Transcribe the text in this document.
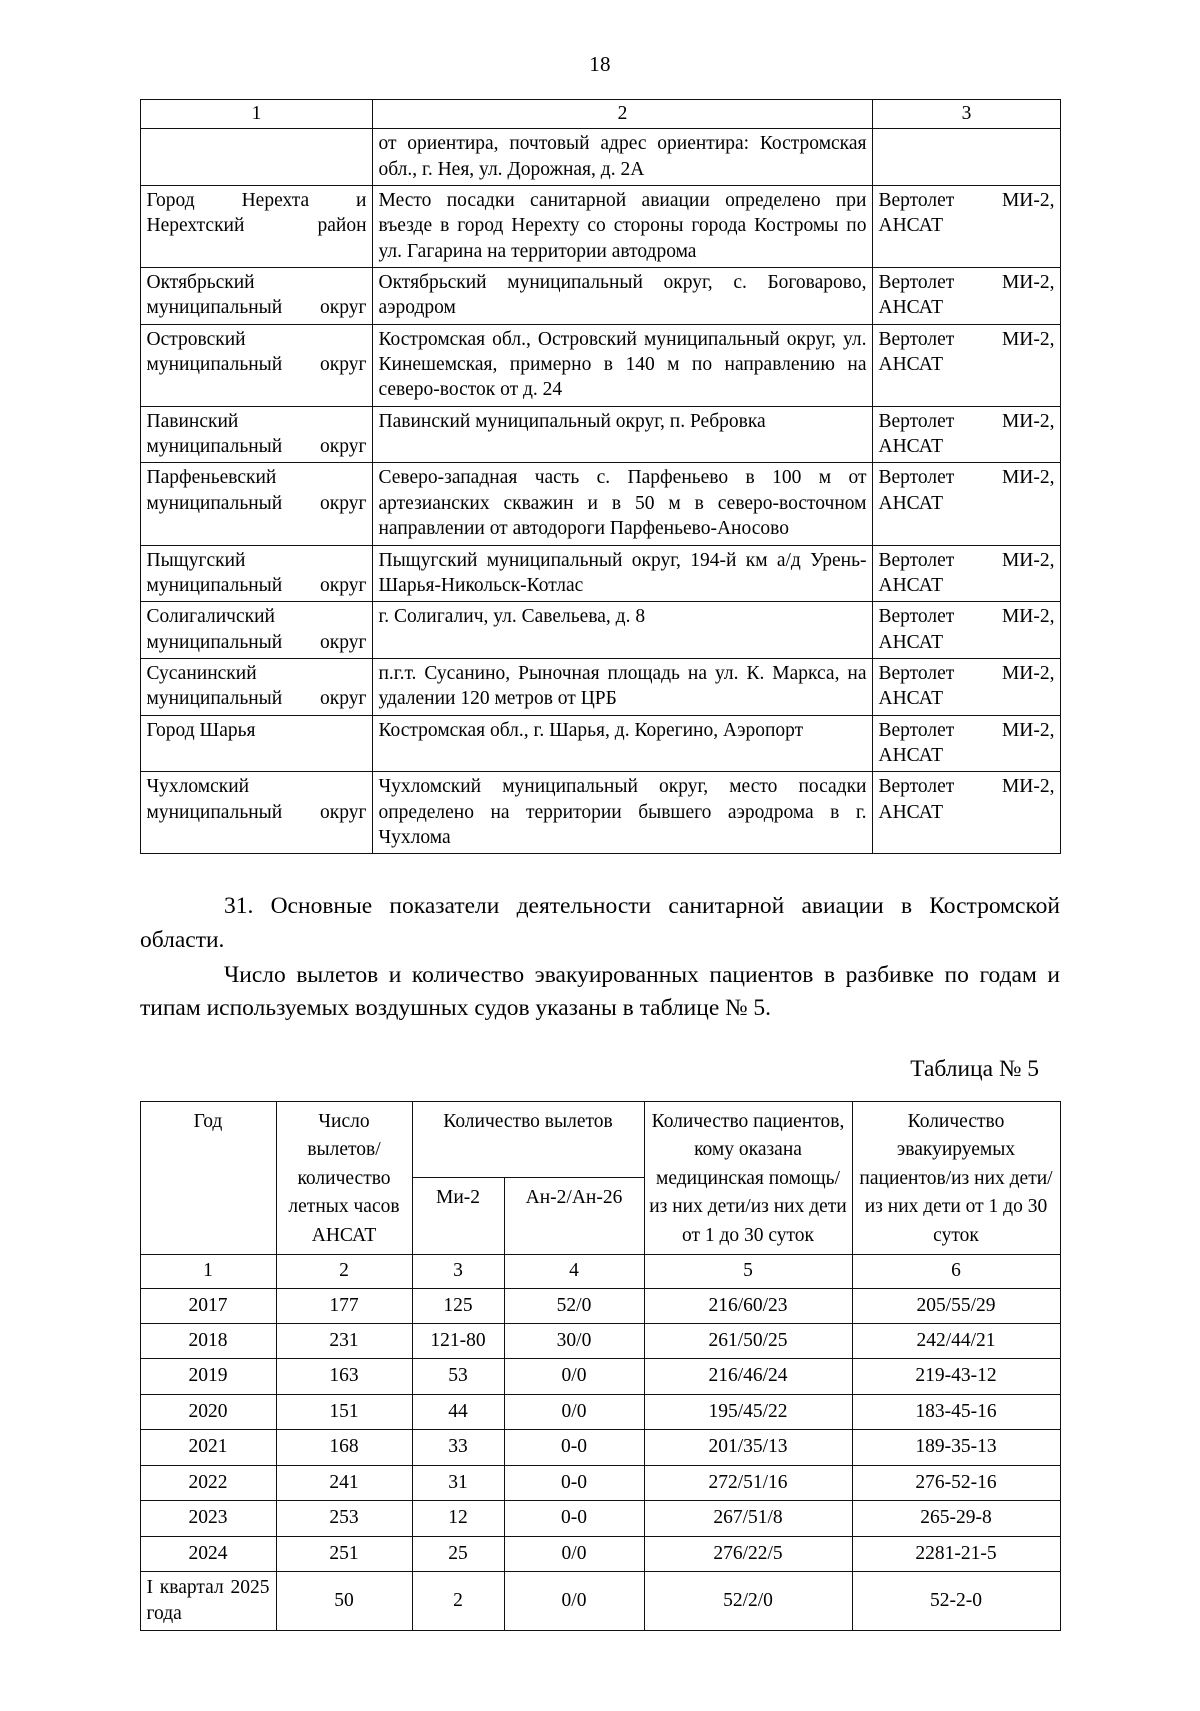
18
1	2	3
	от ориентира, почтовый адрес ориентира: Костромская обл., г. Нея, ул. Дорожная, д. 2А	

Город Нерехта и Нерехтский район	Место посадки санитарной авиации определено при въезде в город Нерехту со стороны города Костромы по ул. Гагарина на территории автодрома	Вертолет МИ-2,
АНСАТ

Октябрьский муниципальный округ	Октябрьский муниципальный округ, с. Боговарово, аэродром	Вертолет МИ-2,
АНСАТ

Островский муниципальный округ	Костромская обл., Островский муниципальный округ, ул. Кинешемская, примерно в 140 м по направлению на северо-восток от д. 24	Вертолет МИ-2,
АНСАТ

Павинский муниципальный округ	Павинский муниципальный округ, п. Ребровка	Вертолет МИ-2,
АНСАТ

Парфеньевский муниципальный округ	Северо-западная часть с. Парфеньево в 100 м от артезианских скважин и в 50 м в северо-восточном направлении от автодороги Парфеньево-Аносово	Вертолет МИ-2,
АНСАТ

Пыщугский муниципальный округ	Пыщугский муниципальный округ, 194-й км а/д Урень-Шарья-Никольск-Котлас	Вертолет МИ-2,
АНСАТ

Солигаличский муниципальный округ	г. Солигалич, ул. Савельева, д. 8	Вертолет МИ-2,
АНСАТ

Сусанинский муниципальный округ	п.г.т. Сусанино, Рыночная площадь на ул. К. Маркса, на удалении 120 метров от ЦРБ	Вертолет МИ-2,
АНСАТ

Город Шарья	Костромская обл., г. Шарья, д. Корегино, Аэропорт	Вертолет МИ-2,
АНСАТ

Чухломский муниципальный округ	Чухломский муниципальный округ, место посадки определено на территории бывшего аэродрома в г. Чухлома	Вертолет МИ-2,
АНСАТ

31. Основные показатели деятельности санитарной авиации в Костромской области.

Число вылетов и количество эвакуированных пациентов в разбивке по годам и типам используемых воздушных судов указаны в таблице № 5.

Таблица № 5
Год	Число вылетов/ количество летных часов АНСАТ	Количество вылетов		Количество пациентов, кому оказана медицинская помощь/из них дети/из них дети от 1 до 30 суток	Количество эвакуируемых пациентов/из них дети/из них дети от 1 до 30 суток
		Ми-2	Ан-2/Ан-26		
1	2	3	4	5	6
2017	177	125	52/0	216/60/23	205/55/29
2018	231	121-80	30/0	261/50/25	242/44/21
2019	163	53	0/0	216/46/24	219-43-12
2020	151	44	0/0	195/45/22	183-45-16
2021	168	33	0-0	201/35/13	189-35-13
2022	241	31	0-0	272/51/16	276-52-16
2023	253	12	0-0	267/51/8	265-29-8
2024	251	25	0/0	276/22/5	2281-21-5
I квартал 2025 года	50	2	0/0	52/2/0	52-2-0
